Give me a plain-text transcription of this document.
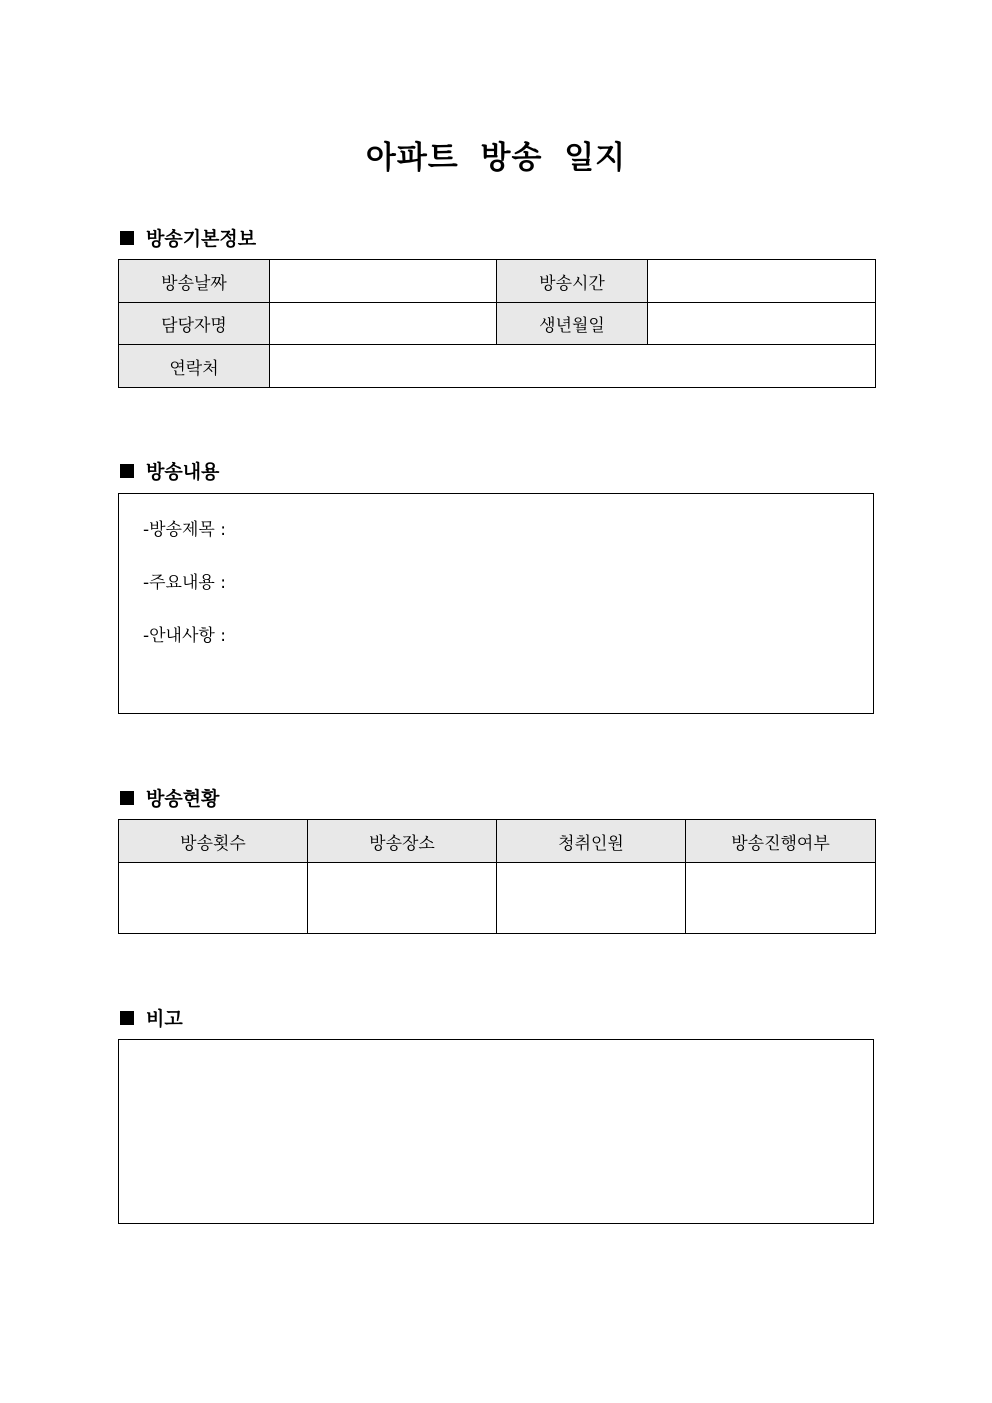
아파트 방송 일지
방송기본정보
방송날짜		방송시간	
담당자명		생년월일	
연락처			
방송내용
-방송제목 :
-주요내용 :
-안내사항 :
방송현황
방송횟수	방송장소	청취인원	방송진행여부

비고
